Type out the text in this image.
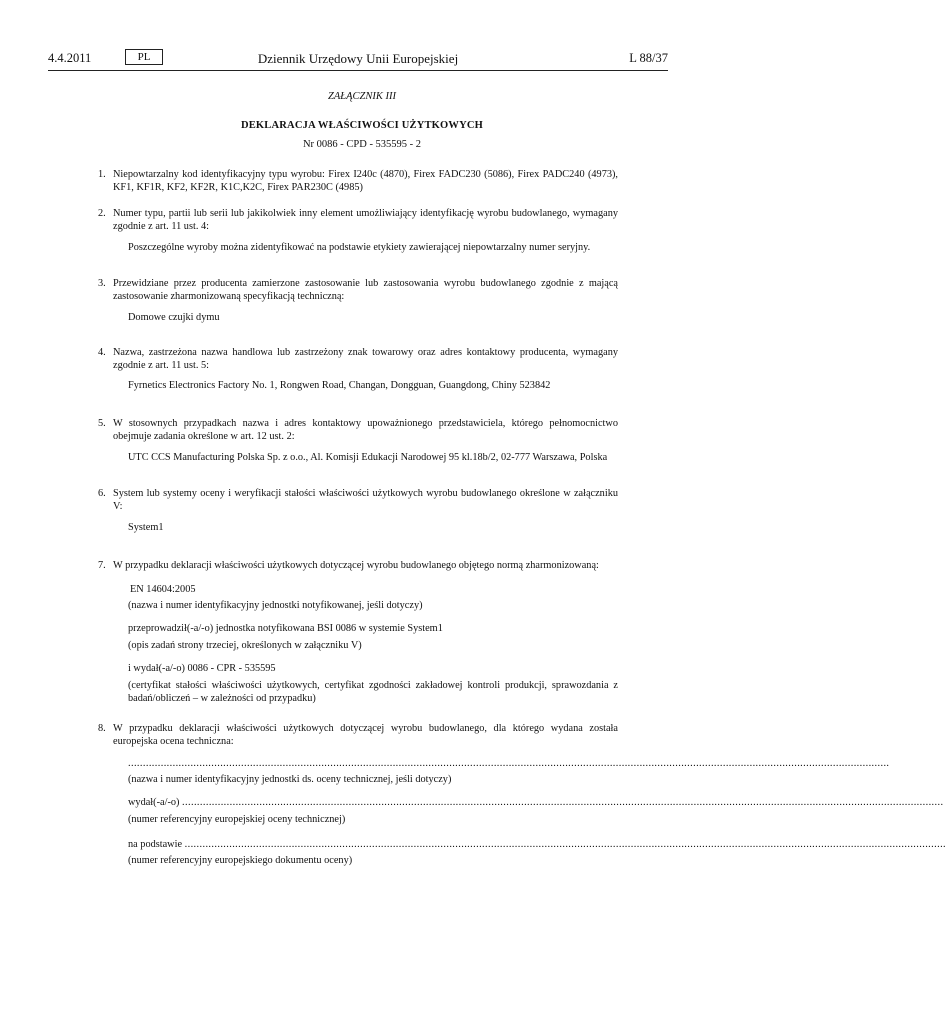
4.4.2011	PL	Dziennik Urzędowy Unii Europejskiej	L 88/37
ZAŁĄCZNIK III
DEKLARACJA WŁAŚCIWOŚCI UŻYTKOWYCH
Nr 0086 - CPD - 535595 - 2
1. Niepowtarzalny kod identyfikacyjny typu wyrobu: Firex I240c (4870), Firex FADC230 (5086), Firex PADC240 (4973), KF1, KF1R, KF2, KF2R, K1C,K2C, Firex PAR230C (4985)
2. Numer typu, partii lub serii lub jakikolwiek inny element umożliwiający identyfikację wyrobu budowlanego, wymagany zgodnie z art. 11 ust. 4:
Poszczególne wyroby można zidentyfikować na podstawie etykiety zawierającej niepowtarzalny numer seryjny.
3. Przewidziane przez producenta zamierzone zastosowanie lub zastosowania wyrobu budowlanego zgodnie z mającą zastosowanie zharmonizowaną specyfikacją techniczną:
Domowe czujki dymu
4. Nazwa, zastrzeżona nazwa handlowa lub zastrzeżony znak towarowy oraz adres kontaktowy producenta, wymagany zgodnie z art. 11 ust. 5:
Fyrnetics Electronics Factory No. 1, Rongwen Road, Changan, Dongguan, Guangdong, Chiny 523842
5. W stosownych przypadkach nazwa i adres kontaktowy upoważnionego przedstawiciela, którego pełnomocnictwo obejmuje zadania określone w art. 12 ust. 2:
UTC CCS Manufacturing Polska Sp. z o.o., Al. Komisji Edukacji Narodowej 95 kl.18b/2, 02-777 Warszawa, Polska
6. System lub systemy oceny i weryfikacji stałości właściwości użytkowych wyrobu budowlanego określone w załączniku V:
System1
7. W przypadku deklaracji właściwości użytkowych dotyczącej wyrobu budowlanego objętego normą zharmonizowaną:
EN 14604:2005
(nazwa i numer identyfikacyjny jednostki notyfikowanej, jeśli dotyczy)
przeprowadził(-a/-o) jednostka notyfikowana BSI 0086 w systemie System1
(opis zadań strony trzeciej, określonych w załączniku V)
i wydał(-a/-o) 0086 - CPR - 535595
(certyfikat stałości właściwości użytkowych, certyfikat zgodności zakładowej kontroli produkcji, sprawozdania z badań/obliczeń – w zależności od przypadku)
8. W przypadku deklaracji właściwości użytkowych dotyczącej wyrobu budowlanego, dla którego wydana została europejska ocena techniczna:
................................................................................................................................................................................................................................................................
(nazwa i numer identyfikacyjny jednostki ds. oceny technicznej, jeśli dotyczy)
wydał(-a/-o) ................................................................................................................................................................................................................................................................
(numer referencyjny europejskiej oceny technicznej)
na podstawie ................................................................................................................................................................................................................................................................
(numer referencyjny europejskiego dokumentu oceny)
